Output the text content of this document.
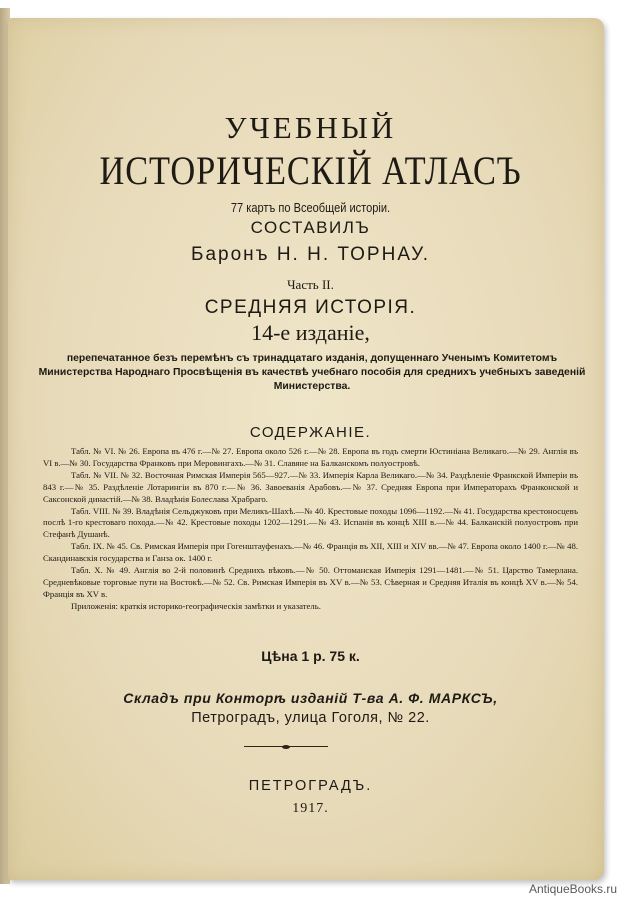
УЧЕБНЫЙ
ИСТОРИЧЕСКІЙ АТЛАСЪ
77 картъ по Всеобщей исторіи.
СОСТАВИЛЪ
Баронъ Н. Н. ТОРНАУ.
Часть II.
СРЕДНЯЯ ИСТОРІЯ.
14-е изданіе,
перепечатанное безъ перемѣнъ съ тринадцатаго изданія, допущеннаго Ученымъ Комитетомъ Министерства Народнаго Просвѣщенія въ качествѣ учебнаго пособія для среднихъ учебныхъ заведеній Министерства.
СОДЕРЖАНІЕ.

Табл. № VI. № 26. Европа въ 476 г.—№ 27. Европа около 526 г.—№ 28. Европа въ годъ смерти Юстиніана Великаго.—№ 29. Англія въ VI в.—№ 30. Государства Франковъ при Меровингахъ.—№ 31. Славяне на Балканскомъ полуостровѣ.

Табл. № VII. № 32. Восточная Римская Имперія 565—927.—№ 33. Имперія Карла Великаго.—№ 34. Раздѣленіе Франкской Имперіи въ 843 г.—№ 35. Раздѣленіе Лотарингіи въ 870 г.—№ 36. Завоеванія Арабовъ.—№ 37. Средняя Европа при Императорахъ Франконской и Саксонской династій.—№ 38. Владѣнія Болеслава Храбраго.

Табл. VIII. № 39. Владѣнія Сельджуковъ при Меликъ-Шахѣ.—№ 40. Крестовые походы 1096—1192.—№ 41. Государства крестоносцевъ послѣ 1-го крестоваго похода.—№ 42. Крестовые походы 1202—1291.—№ 43. Испанія въ концѣ XIII в.—№ 44. Балканскій полуостровъ при Стефанѣ Душанѣ.

Табл. IX. № 45. Св. Римская Имперія при Гогенштауфенахъ.—№ 46. Франція въ XII, XIII и XIV вв.—№ 47. Европа около 1400 г.—№ 48. Скандинавскія государства и Ганза ок. 1400 г.

Табл. X. № 49. Англія во 2-й половинѣ Среднихъ вѣковъ.—№ 50. Оттоманская Имперія 1291—1481.—№ 51. Царство Тамерлана. Средневѣковые торговые пути на Востокѣ.—№ 52. Св. Римская Имперія въ XV в.—№ 53. Сѣверная и Средняя Италія въ концѣ XV в.—№ 54. Франція въ XV в.

Приложенія: краткія историко-географическія замѣтки и указатель.

Цѣна 1 р. 75 к.
Складъ при Конторѣ изданій Т-ва А. Ф. МАРКСЪ,
Петроградъ, улица Гоголя, № 22.
ПЕТРОГРАДЪ.
1917.
AntiqueBooks.ru
